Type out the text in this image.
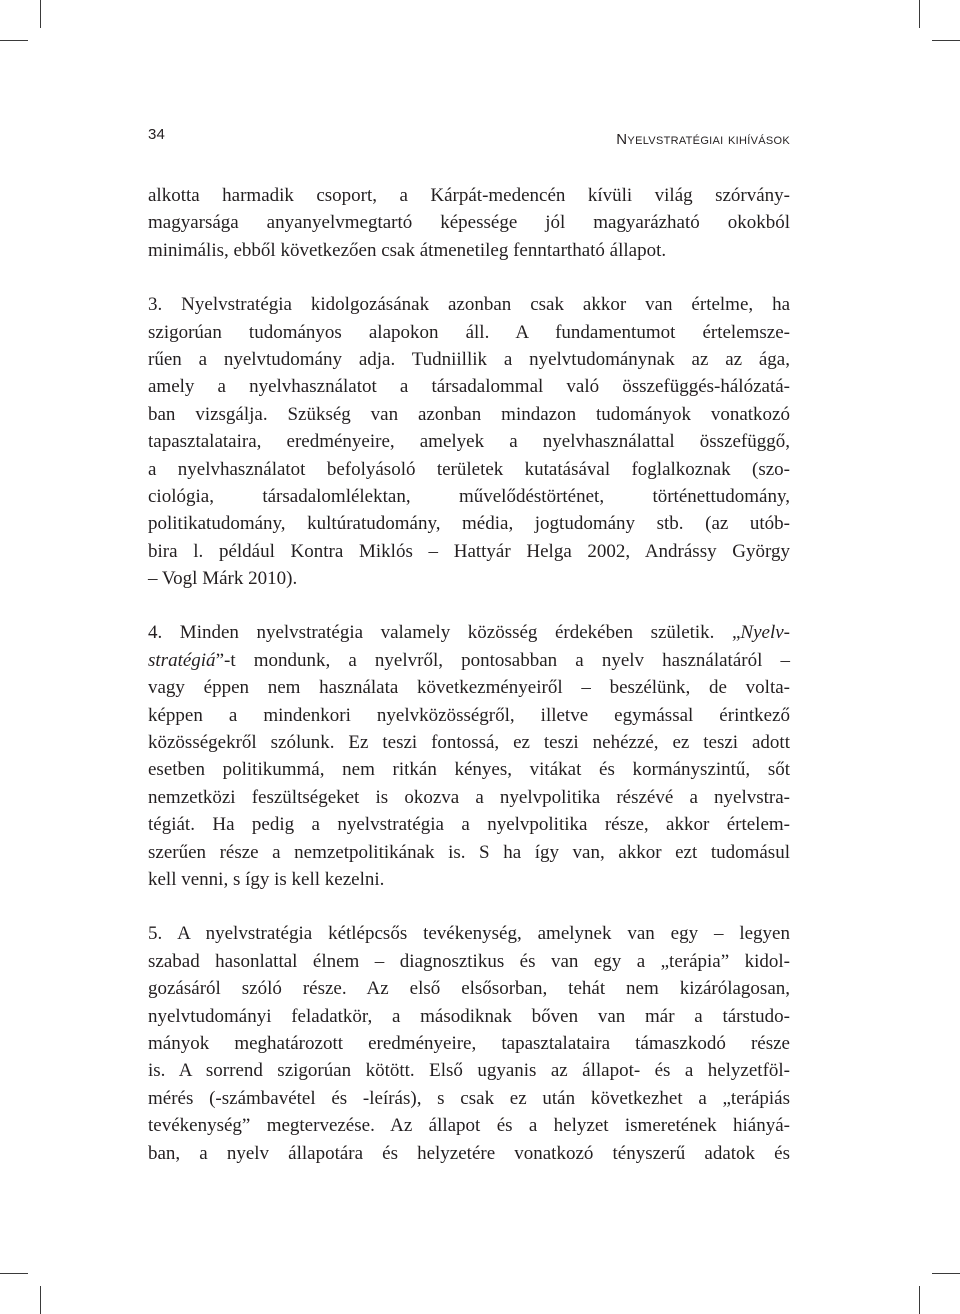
34	Nyelvstratégiai kihívások
alkotta harmadik csoport, a Kárpát-medencén kívüli világ szórvány-
magyarsága anyanyelvmegtartó képessége jól magyarázható okokból
minimális, ebből következően csak átmenetileg fenntartható állapot.
3. Nyelvstratégia kidolgozásának azonban csak akkor van értelme, ha
szigorúan tudományos alapokon áll. A fundamentumot értelemsze-
rűen a nyelvtudomány adja. Tudniillik a nyelvtudománynak az az ága,
amely a nyelvhasználatot a társadalommal való összefüggés-hálózatá-
ban vizsgálja. Szükség van azonban mindazon tudományok vonatkozó
tapasztalataira, eredményeire, amelyek a nyelvhasználattal összefüggő,
a nyelvhasználatot befolyásoló területek kutatásával foglalkoznak (szo-
ciológia, társadalomlélektan, művelődéstörténet, történettudomány,
politikatudomány, kultúratudomány, média, jogtudomány stb. (az utób-
bira l. például Kontra Miklós – Hattyár Helga 2002, Andrássy György
– Vogl Márk 2010).
4. Minden nyelvstratégia valamely közösség érdekében születik. „Nyelv-
stratégiá”-t mondunk, a nyelvről, pontosabban a nyelv használatáról –
vagy éppen nem használata következményeiről – beszélünk, de volta-
képpen a mindenkori nyelvközösségről, illetve egymással érintkező
közösségekről szólunk. Ez teszi fontossá, ez teszi nehézzé, ez teszi adott
esetben politikummá, nem ritkán kényes, vitákat és kormányszintű, sőt
nemzetközi feszültségeket is okozva a nyelvpolitika részévé a nyelvstra-
tégiát. Ha pedig a nyelvstratégia a nyelvpolitika része, akkor értelem-
szerűen része a nemzetpolitikának is. S ha így van, akkor ezt tudomásul
kell venni, s így is kell kezelni.
5. A nyelvstratégia kétlépcsős tevékenység, amelynek van egy – legyen
szabad hasonlattal élnem – diagnosztikus és van egy a „terápia” kidol-
gozásáról szóló része. Az első elsősorban, tehát nem kizárólagosan,
nyelvtudományi feladatkör, a másodiknak bőven van már a társtudo-
mányok meghatározott eredményeire, tapasztalataira támaszkodó része
is. A sorrend szigorúan kötött. Első ugyanis az állapot- és a helyzetföl-
mérés (-számbavétel és -leírás), s csak ez után következhet a „terápiás
tevékenység” megtervezése. Az állapot és a helyzet ismeretének hiányá-
ban, a nyelv állapotára és helyzetére vonatkozó tényszerű adatok és
